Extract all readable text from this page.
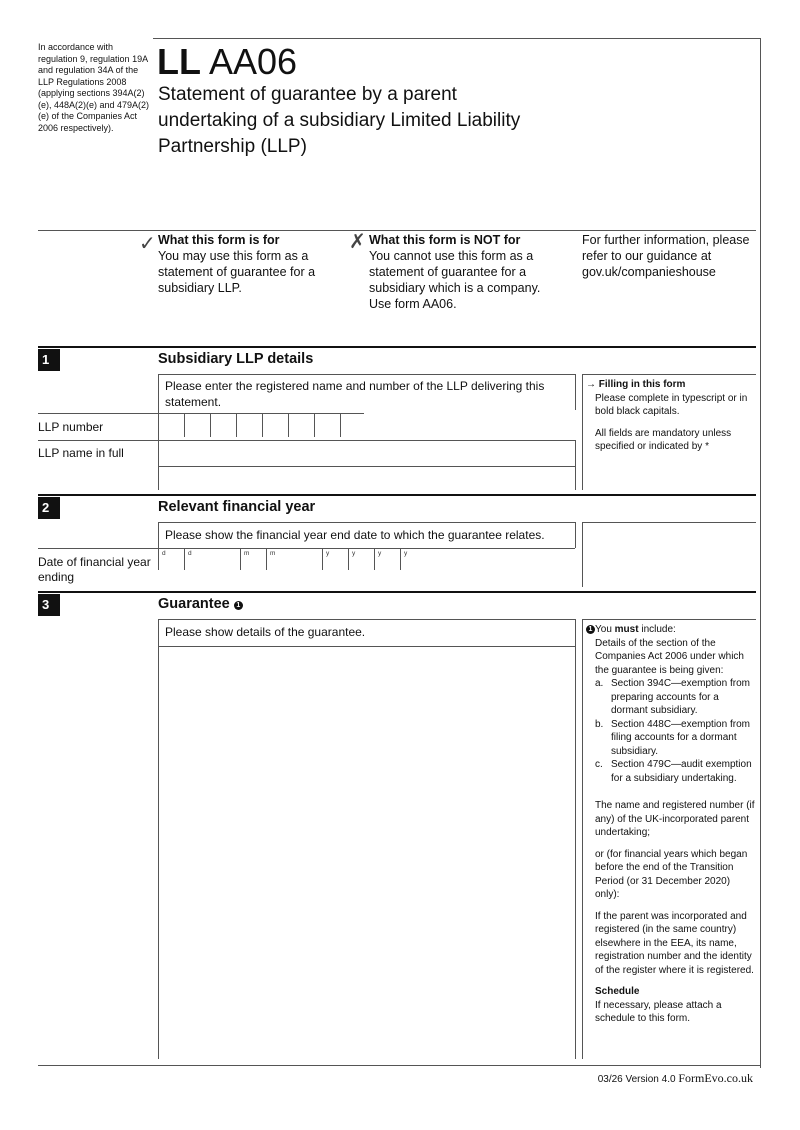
In accordance with regulation 9, regulation 19A and regulation 34A of the LLP Regulations 2008 (applying sections 394A(2)(e), 448A(2)(e) and 479A(2)(e) of the Companies Act 2006 respectively).
LL AA06
Statement of guarantee by a parent undertaking of a subsidiary Limited Liability Partnership (LLP)
✓ What this form is for
You may use this form as a statement of guarantee for a subsidiary LLP.
✗ What this form is NOT for
You cannot use this form as a statement of guarantee for a subsidiary which is a company. Use form AA06.
For further information, please refer to our guidance at gov.uk/companieshouse
1	Subsidiary LLP details
Please enter the registered name and number of the LLP delivering this statement.
LLP number
LLP name in full
→ Filling in this form
Please complete in typescript or in bold black capitals.
All fields are mandatory unless specified or indicated by *
2	Relevant financial year
Please show the financial year end date to which the guarantee relates.
Date of financial year ending
d	d	m	m	y	y	y	y
3	Guarantee 1
Please show details of the guarantee.	1 You must include:
Details of the section of the Companies Act 2006 under which the guarantee is being given:
a. Section 394C—exemption from preparing accounts for a dormant subsidiary.
b. Section 448C—exemption from filing accounts for a dormant subsidiary.
c. Section 479C—audit exemption for a subsidiary undertaking.
The name and registered number (if any) of the UK-incorporated parent undertaking;
or (for financial years which began before the end of the Transition Period (or 31 December 2020) only):
If the parent was incorporated and registered (in the same country) elsewhere in the EEA, its name, registration number and the identity of the register where it is registered.
Schedule
If necessary, please attach a schedule to this form.
03/26 Version 4.0 FormEvo.co.uk
